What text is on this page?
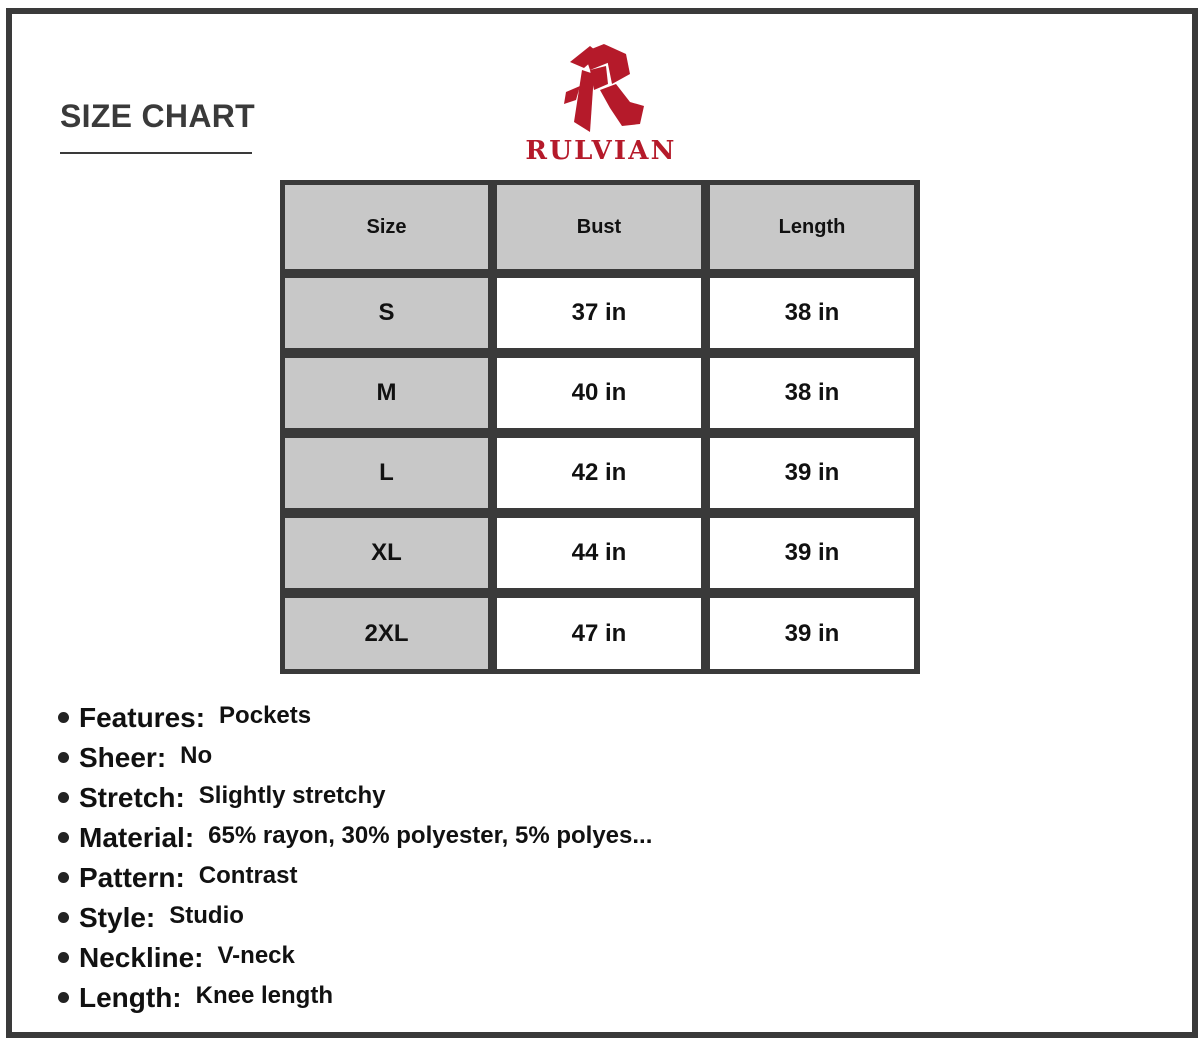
SIZE CHART
RULVIAN
Size	Bust	Length
S	37 in	38 in
M	40 in	38 in
L	42 in	39 in
XL	44 in	39 in
2XL	47 in	39 in
Features: Pockets
Sheer: No
Stretch: Slightly stretchy
Material: 65% rayon, 30% polyester, 5% polyes...
Pattern: Contrast
Style: Studio
Neckline: V-neck
Length: Knee length
